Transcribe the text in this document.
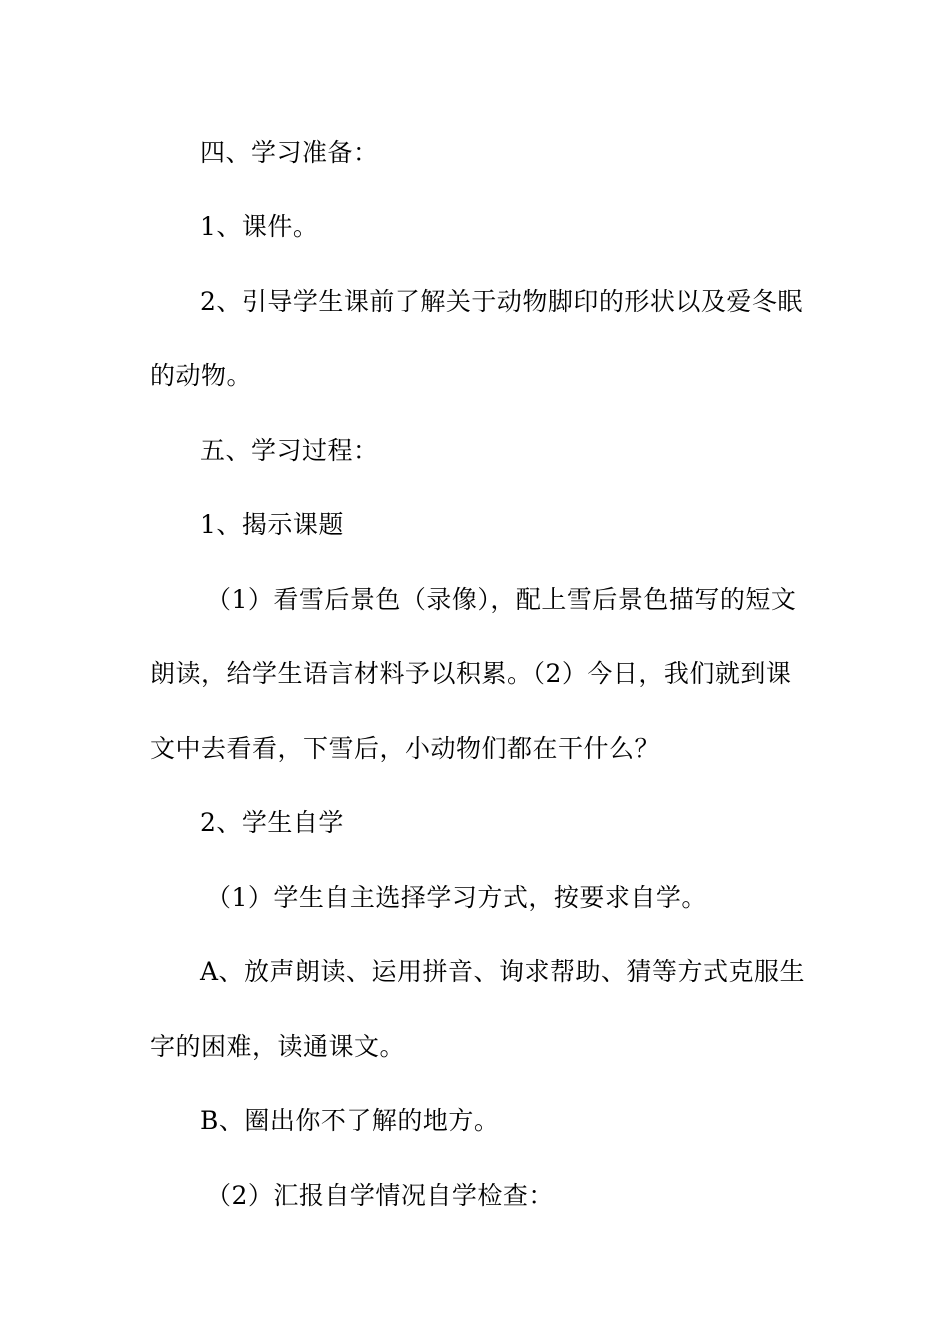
四、学习准备：
1、课件。
2、引导学生课前了解关于动物脚印的形状以及爱冬眠
的动物。
五、学习过程：
1、揭示课题
（1）看雪后景色（录像），配上雪后景色描写的短文
朗读，给学生语言材料予以积累。（2）今日，我们就到课
文中去看看，下雪后，小动物们都在干什么？
2、学生自学
（1）学生自主选择学习方式，按要求自学。
A、放声朗读、运用拼音、询求帮助、猜等方式克服生
字的困难，读通课文。
B、圈出你不了解的地方。
（2）汇报自学情况自学检查：
